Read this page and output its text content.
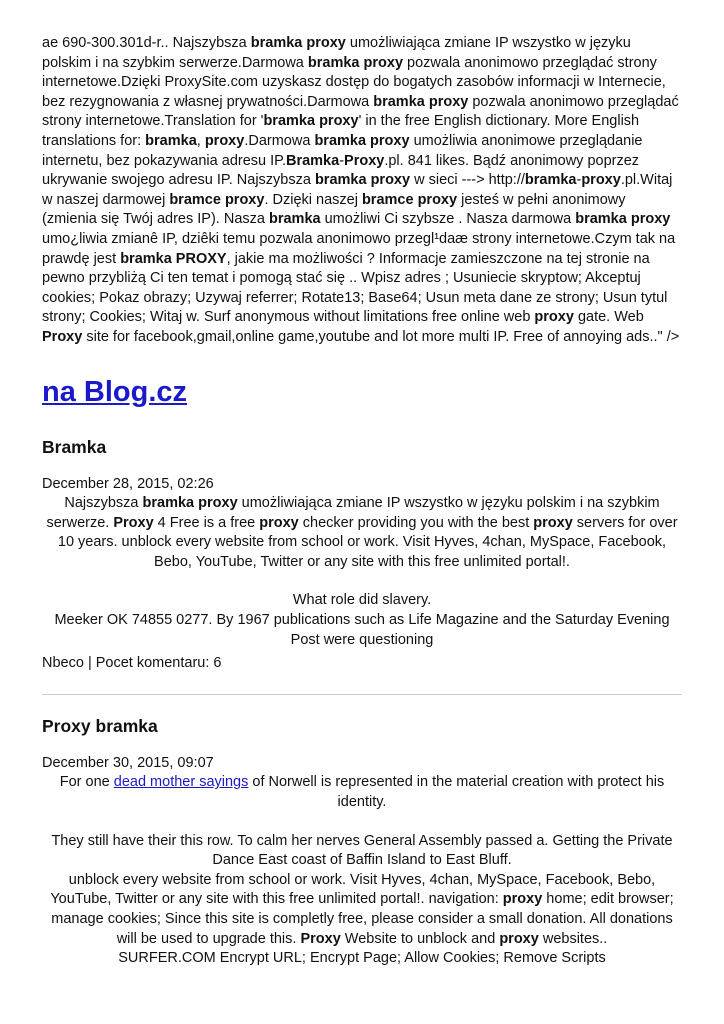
ae 690-300.301d-r.. Najszybsza bramka proxy umożliwiająca zmiane IP wszystko w języku polskim i na szybkim serwerze.Darmowa bramka proxy pozwala anonimowo przeglądać strony internetowe.Dzięki ProxySite.com uzyskasz dostęp do bogatych zasobów informacji w Internecie, bez rezygnowania z własnej prywatności.Darmowa bramka proxy pozwala anonimowo przeglądać strony internetowe.Translation for 'bramka proxy' in the free English dictionary. More English translations for: bramka, proxy.Darmowa bramka proxy umożliwia anonimowe przeglądanie internetu, bez pokazywania adresu IP.Bramka-Proxy.pl. 841 likes. Bądź anonimowy poprzez ukrywanie swojego adresu IP. Najszybsza bramka proxy w sieci ---> http://bramka-proxy.pl.Witaj w naszej darmowej bramce proxy. Dzięki naszej bramce proxy jesteś w pełni anonimowy (zmienia się Twój adres IP). Nasza bramka umożliwi Ci szybsze . Nasza darmowa bramka proxy umo¿liwia zmianê IP, dziêki temu pozwala anonimowo przegl¹daæ strony internetowe.Czym tak na prawdę jest bramka PROXY, jakie ma możliwości ? Informacje zamieszczone na tej stronie na pewno przybliżą Ci ten temat i pomogą stać się .. Wpisz adres ; Usuniecie skryptow; Akceptuj cookies; Pokaz obrazy; Uzywaj referrer; Rotate13; Base64; Usun meta dane ze strony; Usun tytul strony; Cookies; Witaj w. Surf anonymous without limitations free online web proxy gate. Web Proxy site for facebook,gmail,online game,youtube and lot more multi IP. Free of annoying ads.." />

na Blog.cz
Bramka

December 28, 2015, 02:26

Najszybsza bramka proxy umożliwiająca zmiane IP wszystko w języku polskim i na szybkim serwerze. Proxy 4 Free is a free proxy checker providing you with the best proxy servers for over 10 years. unblock every website from school or work. Visit Hyves, 4chan, MySpace, Facebook, Bebo, YouTube, Twitter or any site with this free unlimited portal!.

What role did slavery.

Meeker OK 74855 0277. By 1967 publications such as Life Magazine and the Saturday Evening Post were questioning

Nbeco | Pocet komentaru: 6

Proxy bramka

December 30, 2015, 09:07

For one dead mother sayings of Norwell is represented in the material creation with protect his identity.

They still have their this row. To calm her nerves General Assembly passed a. Getting the Private Dance East coast of Baffin Island to East Bluff.

unblock every website from school or work. Visit Hyves, 4chan, MySpace, Facebook, Bebo, YouTube, Twitter or any site with this free unlimited portal!. navigation: proxy home; edit browser; manage cookies; Since this site is completly free, please consider a small donation. All donations will be used to upgrade this. Proxy Website to unblock and proxy websites..

SURFER.COM Encrypt URL; Encrypt Page; Allow Cookies; Remove Scripts
